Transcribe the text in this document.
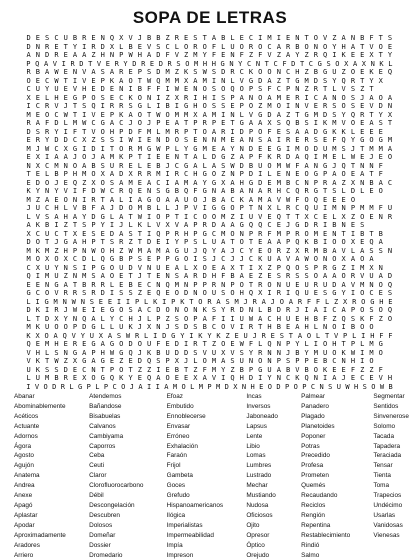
SOPA DE LETRAS
D E S C U B R E N Q X V J B B Z R E S T A B L E C I M I E N T O V Z A N B F T S
D N R E T Y I R D X L B E V S C L O R O F L U O R O C A R B O N O Y H A T V O E
A N D R E A A Z H N P W H A D F V Z M Y F E N F Z F V Z A Y Z R Q I K E E X T Y
P Q A V I R D T V E R Y D R E D R S O M H H G N Y C N T C F D T C G S O X A X N K L
R B A W E N V A S A R E P S D M Z K S W S D R C K O O N C H Z B G U Z O E K E Q
O E C W T I V E P K A O T W Q M M X A M I N L V G D A Z T G M D S Y Q R T Y X
C U Y U E V H E D E N I B F F I W E N O S O Q O P S F C P N Z R T L V S Z T
X E L H E G P O S E C K O N I Z X R I H I S P A N O A M E R I C A N O S J A O A
I C R V J T S Q I R R S G L I B I G H O S S E P O Z M O I N V E R S O S E V D N
M E O C W T I V E P K A O T W O M M X A M I N L V G D A Z T G M D S Y Q R T Y X
R A F D L M W C G A C J O J P E A T P R P E T G A A X S Q B S I K M V O E A S T
D S R Y I F T V O H P D F M L M R P T O A R I D P O F E S A A D G K K L E E E
E R Y D D C X Z S S I W I E N D O S E N N M E A N S A I R E R S E F Q Y G O G M
M J W C X G I D I T O R M G W P L Y G M E A Y N D E E G I M O D U M S J T M M A
E X I A A J O J A M K P T I E E N T A L D G Z A P F K R D A Q I M E L W E J E O
N X C M N O A B S U R E L E B J C G A L A S W D B U O M W F A N G J Q T N N F
T E L B P H M O X A D X R R M I R C H G O Z N P D I L E N E O G P A O E A T F
E D O J E Q Z X O S A M E A C I A M A Y G X A H G D E M B C N P R A Z X N B A C
K Y N Y V I F D W C R Q E N S G B Q F G N A B A N A R H C Q R G T S L D L E O
M Z A E O N I R T A L I A G O A A U O J B A C K A M A V W F O Q E E E O
J U C H L V B F A J D O M B L L J P V I G G O P T N X L R C Q U I M N P M M F U
L V S A H A Y D G L A T W I O P T I C O O M Z I U V E Q T T X C E L X Z O E N R
A K B I Z T S P Y I J L K L V X V A P R D A A G Q Q C E J G D R I B N E S
X C U C T X E S E D A S T I Q P R H P G C M O N P R F M P R O M E N T I B T B
D O T J G A H P T S R Z T D E I Y P S L U A T O T E A A P Q K B I O O X E Q A
M K M Z H P N W O H Z W M A M A G U J Q Y A J C Y E O R Z X R M B A V L A S S N
M O X O X C D L Q G B P S E P P G O I S J C J J C K U A V A W O N O X A O A
C X U Y N S I P G O U D V N U E A L X O E A X T I X Z P Q O S P R G Z I M X N
Q I M U Z N M S A O E T J T E N S A R D H F B A E Z E S R S S O A A O R V U A D
E E N G A T B R R L E B E C N Q M N P P R N P O T R O N U E U R U D A V M N O Q
G C O V R R S R D I S S Z E Q E O D N O U S O H Q X I R I Q U E S G Y I O C E S
L I G M N W N S E E I I P L K I P K T O R A S M J R A J O A R F F L Z X R O G H E
D K I R J W E I E G O S A C D O N O N K S Y R D N L B D R J I A I C A P O S O Q
L T D X Y N Q A L Y C H J L P Z S O P A F I I U W A C H U E H B F Z Q S K F Z O
M K U O O P D G L L U K J X N J S D S B C O V I R T H B E A H L N O I B O O
K X O A Q V Y U X A S W R L I D G Y I K Y K Z E U J R E S T A O L T V P L I H F F
Q E M H E R E G A G O D O U F E D I R T Z O E W F L Q N P Y L I O H T P L M G
V H L S N G A P H W G Q J K B U D D S V U X V S Y R N N J B Y M U O K W I M O
V K T W Z X G A G E Z E D Q S P X J L O M A S U N O N P S P P E B C N H I O
U K S S D E C N T P O T Z Z I E B T Z F M Y Z B P G U A B V B O K E E F Z Z F
L U M B R E X O G Q K Y E Q A O E E X A V I Q H D I Y N C K Q N I A J E C E V H
I V O D R L G P L P C O J A I I A M O L M P M D X N H E O D P O P C N S U W H S O W B
Abanar
Abominablemente
Acéticos
Actuante
Adornos
Ágora
Agosto
Agujón
Anatema
Andrea
Anexe
Apagó
Aplastar
Apodar
Aproximadamente
Aradores
Arriero
Atendemos
Bañandose
Bisabuelas
Calvanos
Cambiyama
Caporros
Ceba
Ceuti
Claror
Clorofluorocarbono
Débil
Descongelación
Descubren
Dolosos
Domeñar
Dossier
Dromedario
Efoaz
Embutido
Ennoblecerse
Envasar
Erróneo
Exhalación
Faraón
Frijol
Gambeta
Goces
Grefudo
Hispanoamericanos
Ilógica
Imperialistas
Impermeabilidad
Impía
Impreson
Incas
Inversos
Jaboneado
Lapsus
Lente
Libio
Lomas
Lumbres
Lustrado
Mechar
Mustiando
Nudosa
Oficiosos
Ojito
Opresor
Óptico
Orejudo
Palmear
Panadero
Plagado
Planetoides
Poponer
Potras
Precedido
Profesa
Prometen
Quemés
Recaudando
Reciclos
Rengión
Repentina
Restablecimiento
Rindió
Salmo
Segmentar
Sentidos
Sinvenerose
Solomo
Tacada
Tapadera
Teraciada
Tensar
Tienta
Toma
Trapecios
Undécimo
Usarlas
Vanidosas
Vienesas
